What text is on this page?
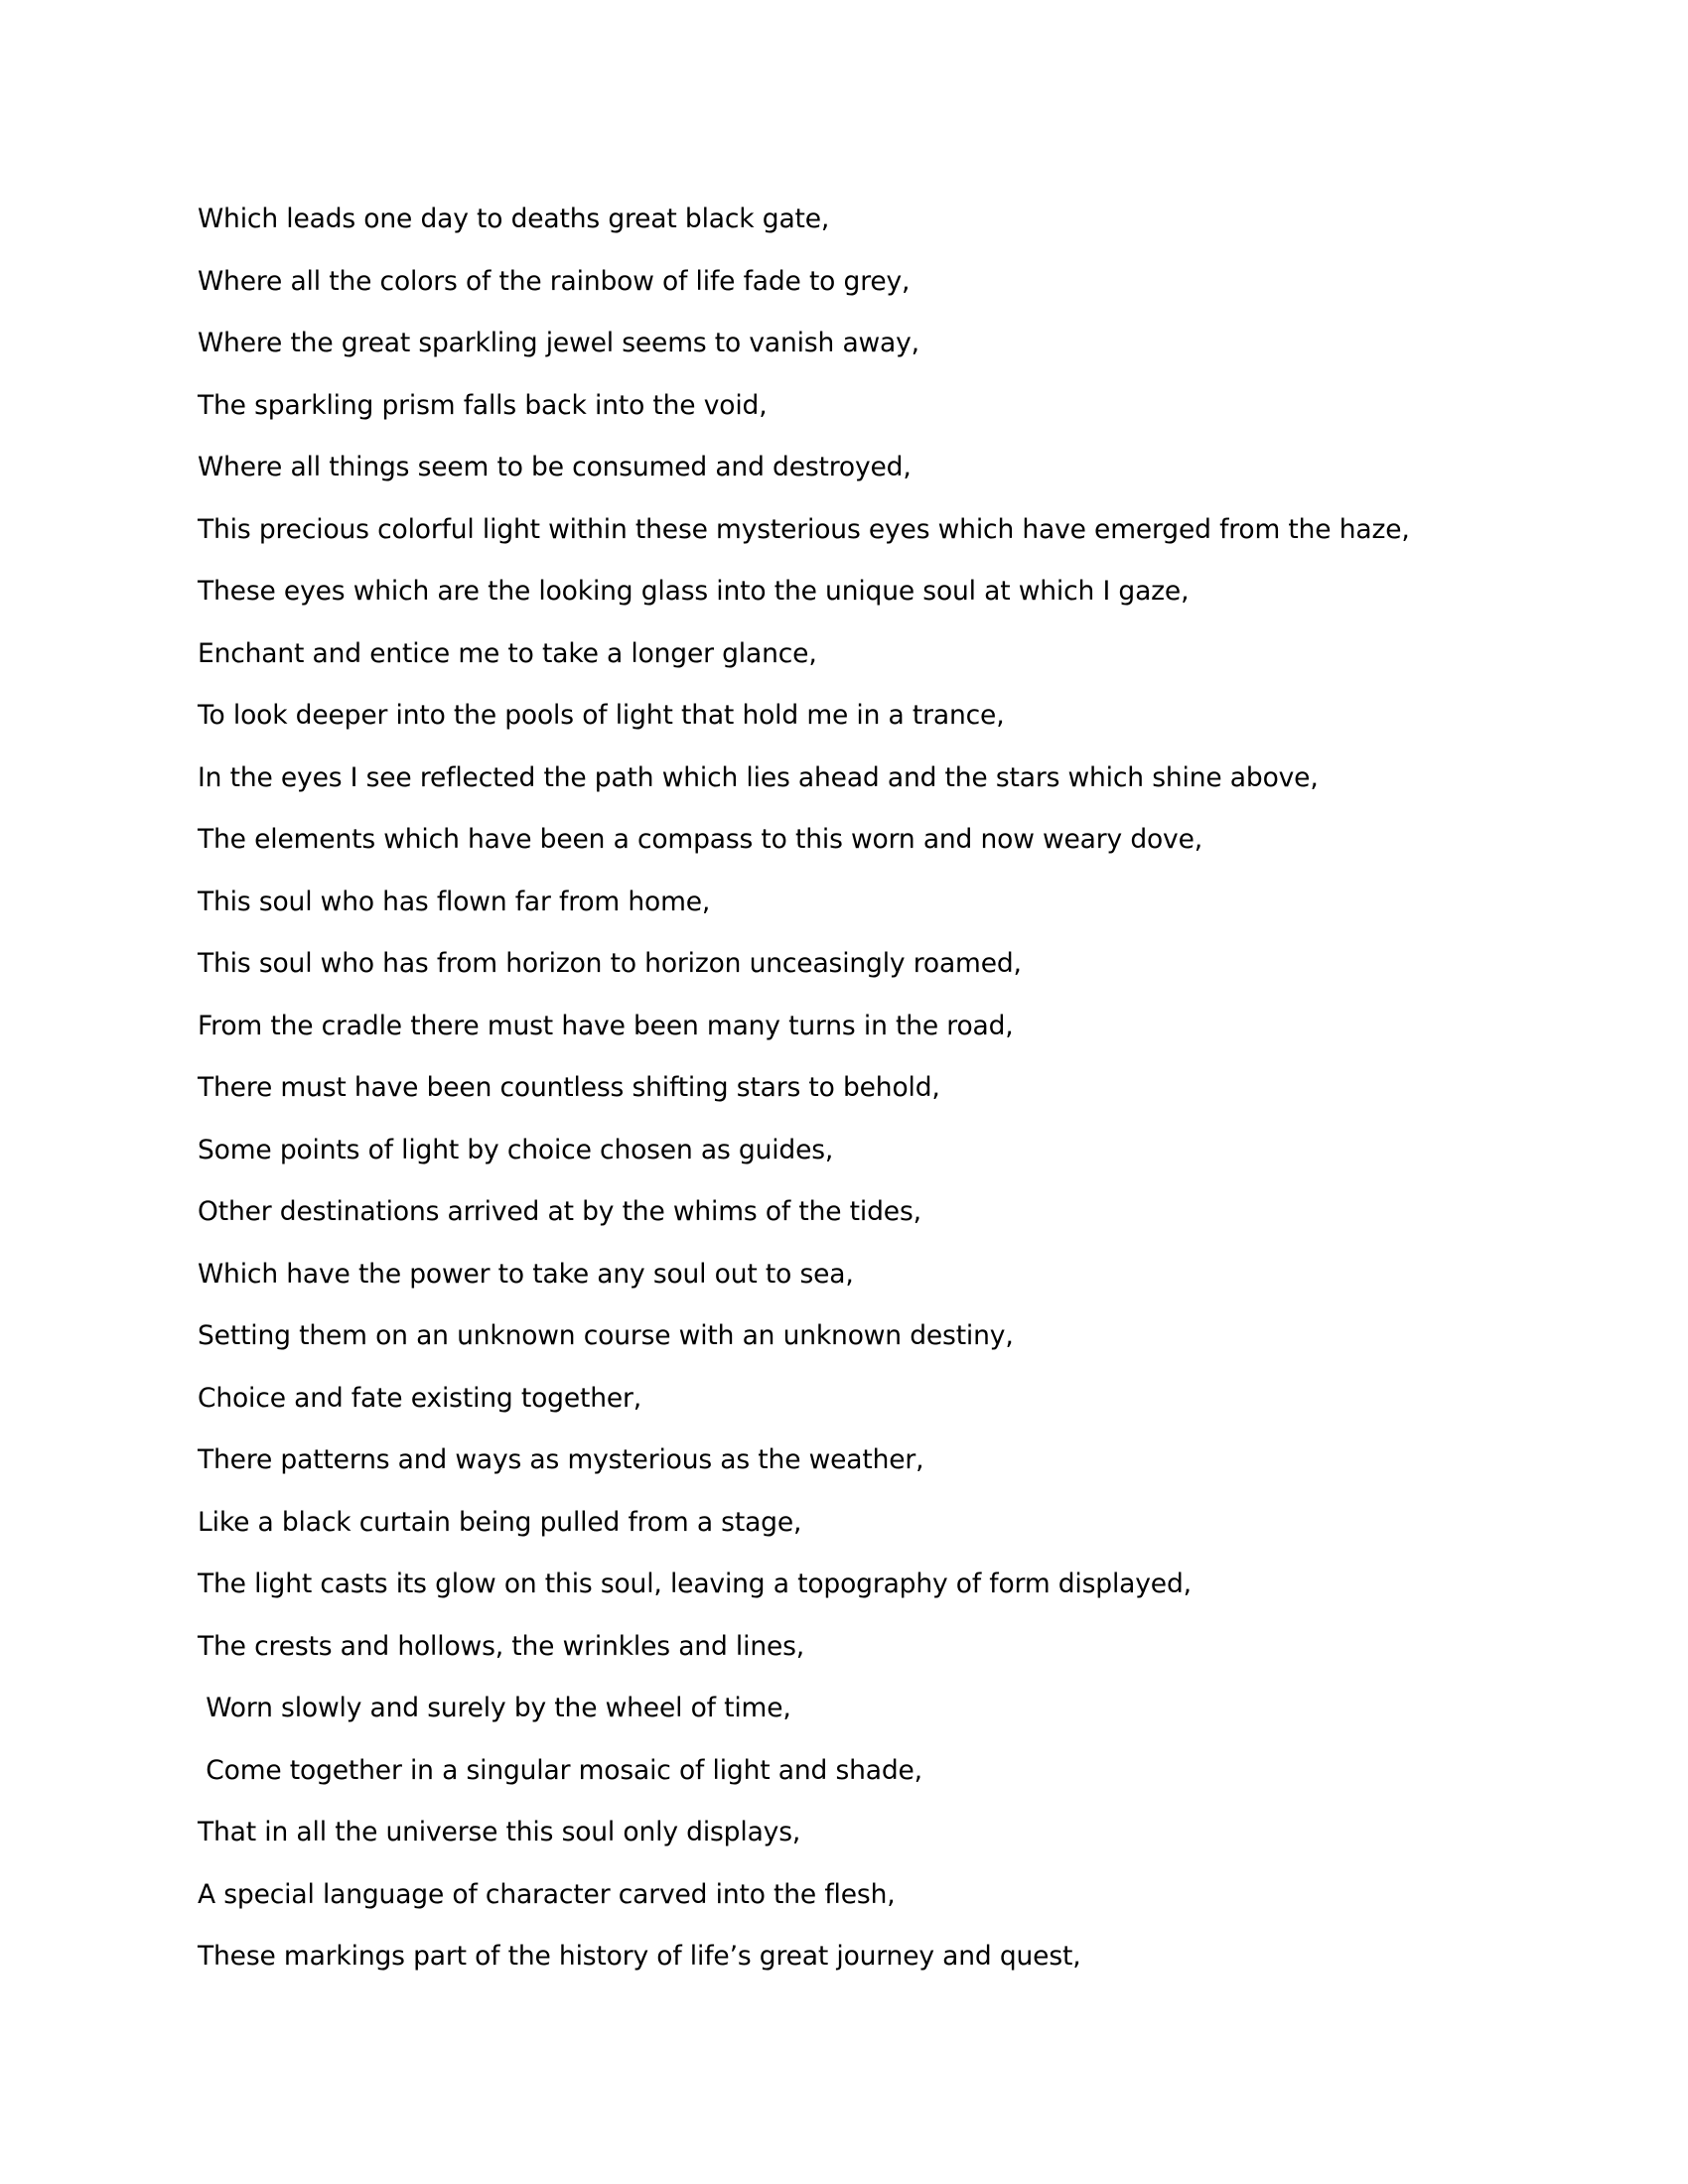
Which leads one day to deaths great black gate,
Where all the colors of the rainbow of life fade to grey,
Where the great sparkling jewel seems to vanish away,
The sparkling prism falls back into the void,
Where all things seem to be consumed and destroyed,
This precious colorful light within these mysterious eyes which have emerged from the haze,
These eyes which are the looking glass into the unique soul at which I gaze,
Enchant and entice me to take a longer glance,
To look deeper into the pools of light that hold me in a trance,
In the eyes I see reflected the path which lies ahead and the stars which shine above,
The elements which have been a compass to this worn and now weary dove,
This soul who has flown far from home,
This soul who has from horizon to horizon unceasingly roamed,
From the cradle there must have been many turns in the road,
There must have been countless shifting stars to behold,
Some points of light by choice chosen as guides,
Other destinations arrived at by the whims of the tides,
Which have the power to take any soul out to sea,
Setting them on an unknown course with an unknown destiny,
Choice and fate existing together,
There patterns and ways as mysterious as the weather,
Like a black curtain being pulled from a stage,
The light casts its glow on this soul, leaving a topography of form displayed,
The crests and hollows, the wrinkles and lines,
Worn slowly and surely by the wheel of time,
Come together in a singular mosaic of light and shade,
That in all the universe this soul only displays,
A special language of character carved into the flesh,
These markings part of the history of life’s great journey and quest,
